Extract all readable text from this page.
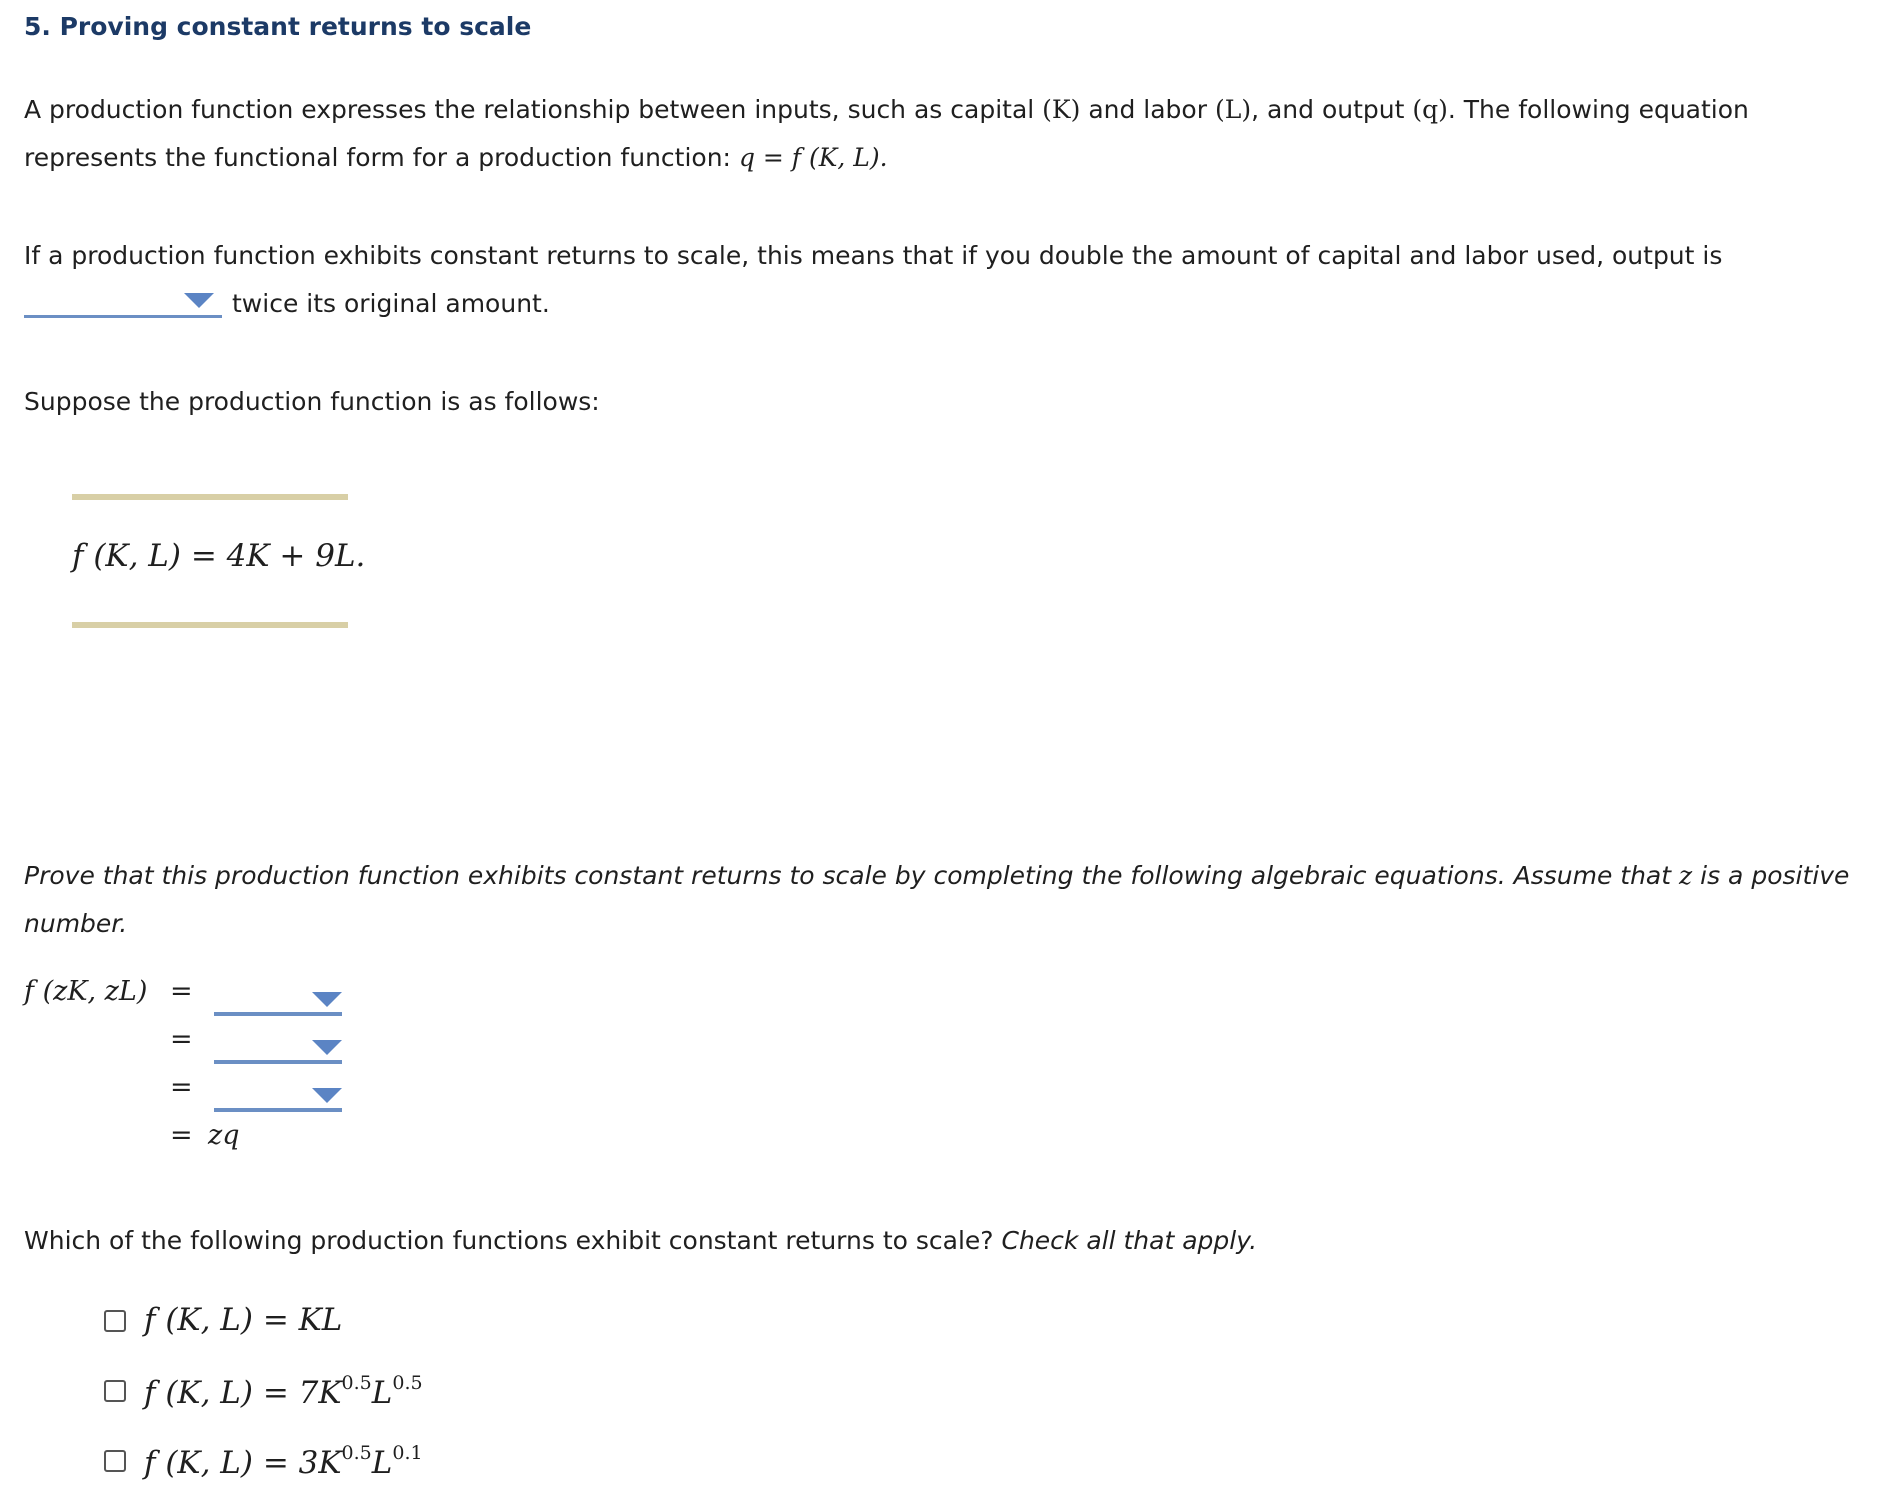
5. Proving constant returns to scale
A production function expresses the relationship between inputs, such as capital (K) and labor (L), and output (q). The following equation represents the functional form for a production function: q = f (K, L).
If a production function exhibits constant returns to scale, this means that if you double the amount of capital and labor used, output is

twice its original amount.
Suppose the production function is as follows:
f (K, L) = 4K + 9L.
Prove that this production function exhibits constant returns to scale by completing the following algebraic equations. Assume that z is a positive number.
f (zK, zL) =
=
=
= zq
Which of the following production functions exhibit constant returns to scale? Check all that apply.
f (K, L) = KL
f (K, $L) = 7K^{0.5}L^{0.5}$
f (K, $L) = 3K^{0.5}L^{0.1}$
